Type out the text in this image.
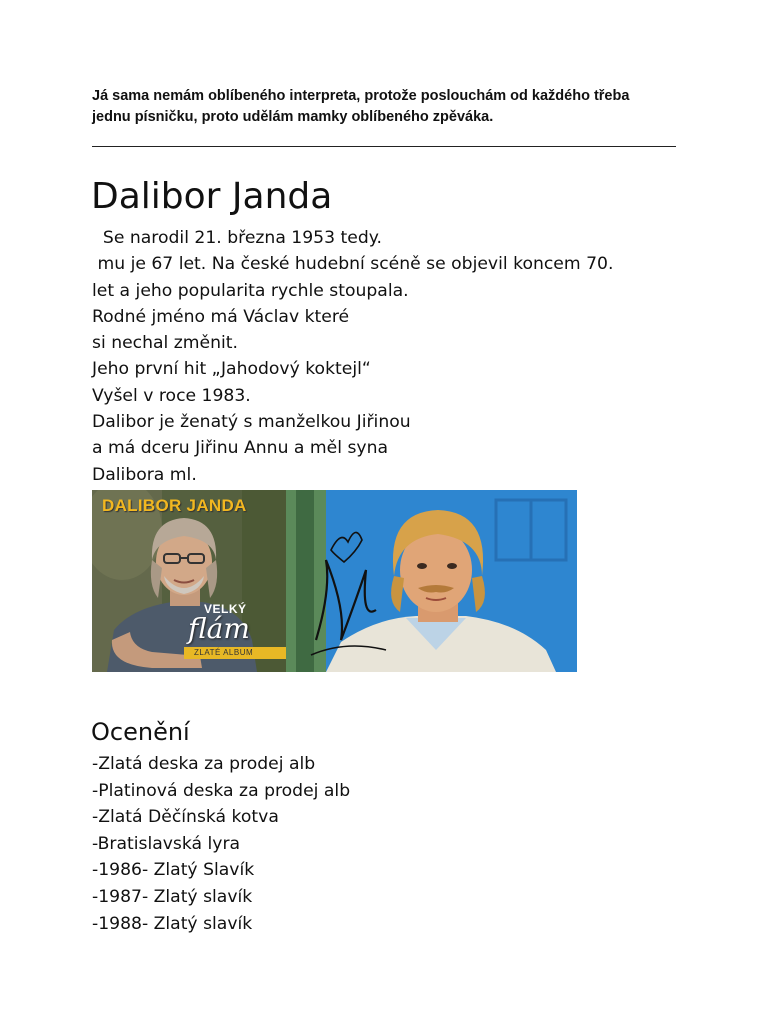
Já sama nemám oblíbeného interpreta, protože poslouchám od každého třeba
jednu písničku, proto udělám mamky oblíbeného zpěváka.
Dalibor Janda
Se narodil 21. března 1953 tedy.
mu je 67 let. Na české hudební scéně se objevil koncem 70.
let a jeho popularita rychle stoupala.
Rodné jméno má Václav které
si nechal změnit.
Jeho první hit „Jahodový koktejl“
Vyšel v roce 1983.
Dalibor je ženatý s manželkou Jiřinou
a má dceru Jiřinu Annu a měl syna
Dalibora ml.
DALIBOR JANDA
VELKÝ
flám
ZLATÉ ALBUM
Ocenění
-Zlatá deska za prodej alb
-Platinová deska za prodej alb
-Zlatá Děčínská kotva
-Bratislavská lyra
-1986- Zlatý Slavík
-1987- Zlatý slavík
-1988- Zlatý slavík
